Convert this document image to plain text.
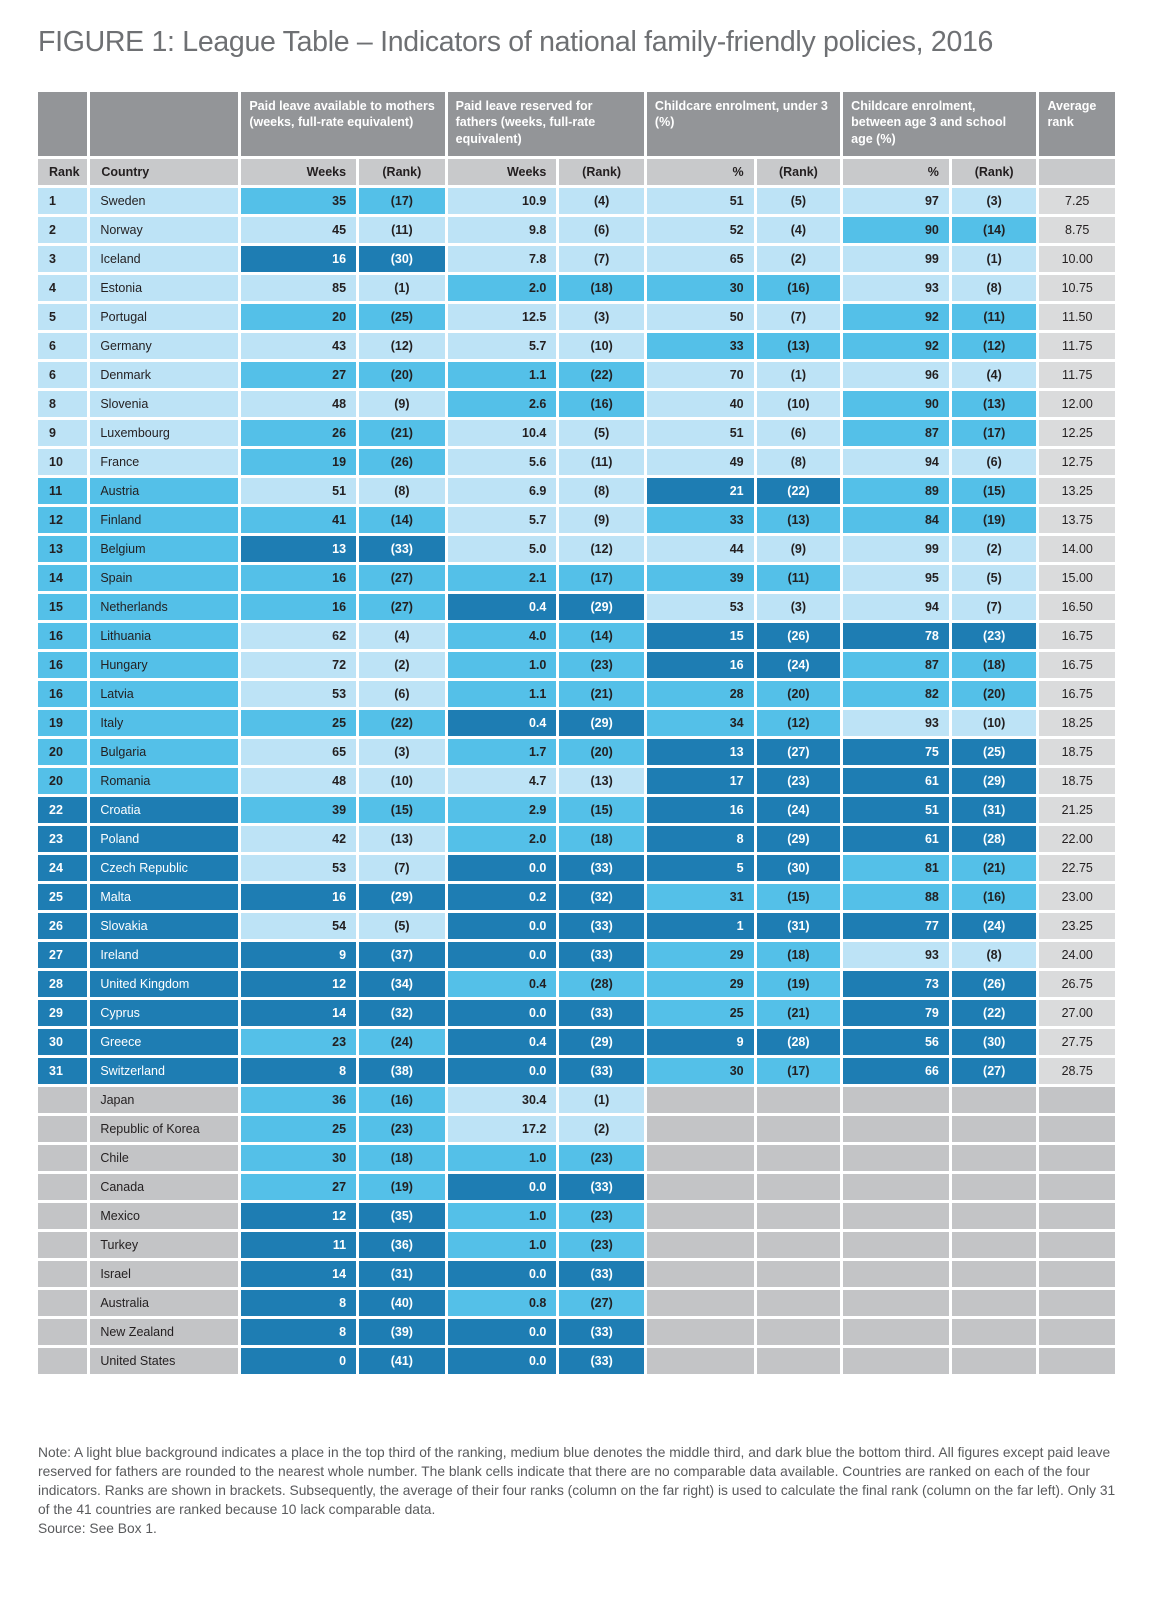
FIGURE 1: League Table – Indicators of national family-friendly policies, 2016
		Paid leave available to mothers (weeks, full-rate equivalent)		Paid leave reserved for fathers (weeks, full-rate equivalent)		Childcare enrolment, under 3 (%)		Childcare enrolment, between age 3 and school age (%)		Average rank
Rank	Country	Weeks	(Rank)	Weeks	(Rank)	%	(Rank)	%	(Rank)	
1	Sweden	35	(17)	10.9	(4)	51	(5)	97	(3)	7.25
2	Norway	45	(11)	9.8	(6)	52	(4)	90	(14)	8.75
3	Iceland	16	(30)	7.8	(7)	65	(2)	99	(1)	10.00
4	Estonia	85	(1)	2.0	(18)	30	(16)	93	(8)	10.75
5	Portugal	20	(25)	12.5	(3)	50	(7)	92	(11)	11.50
6	Germany	43	(12)	5.7	(10)	33	(13)	92	(12)	11.75
6	Denmark	27	(20)	1.1	(22)	70	(1)	96	(4)	11.75
8	Slovenia	48	(9)	2.6	(16)	40	(10)	90	(13)	12.00
9	Luxembourg	26	(21)	10.4	(5)	51	(6)	87	(17)	12.25
10	France	19	(26)	5.6	(11)	49	(8)	94	(6)	12.75
11	Austria	51	(8)	6.9	(8)	21	(22)	89	(15)	13.25
12	Finland	41	(14)	5.7	(9)	33	(13)	84	(19)	13.75
13	Belgium	13	(33)	5.0	(12)	44	(9)	99	(2)	14.00
14	Spain	16	(27)	2.1	(17)	39	(11)	95	(5)	15.00
15	Netherlands	16	(27)	0.4	(29)	53	(3)	94	(7)	16.50
16	Lithuania	62	(4)	4.0	(14)	15	(26)	78	(23)	16.75
16	Hungary	72	(2)	1.0	(23)	16	(24)	87	(18)	16.75
16	Latvia	53	(6)	1.1	(21)	28	(20)	82	(20)	16.75
19	Italy	25	(22)	0.4	(29)	34	(12)	93	(10)	18.25
20	Bulgaria	65	(3)	1.7	(20)	13	(27)	75	(25)	18.75
20	Romania	48	(10)	4.7	(13)	17	(23)	61	(29)	18.75
22	Croatia	39	(15)	2.9	(15)	16	(24)	51	(31)	21.25
23	Poland	42	(13)	2.0	(18)	8	(29)	61	(28)	22.00
24	Czech Republic	53	(7)	0.0	(33)	5	(30)	81	(21)	22.75
25	Malta	16	(29)	0.2	(32)	31	(15)	88	(16)	23.00
26	Slovakia	54	(5)	0.0	(33)	1	(31)	77	(24)	23.25
27	Ireland	9	(37)	0.0	(33)	29	(18)	93	(8)	24.00
28	United Kingdom	12	(34)	0.4	(28)	29	(19)	73	(26)	26.75
29	Cyprus	14	(32)	0.0	(33)	25	(21)	79	(22)	27.00
30	Greece	23	(24)	0.4	(29)	9	(28)	56	(30)	27.75
31	Switzerland	8	(38)	0.0	(33)	30	(17)	66	(27)	28.75
	Japan	36	(16)	30.4	(1)					
	Republic of Korea	25	(23)	17.2	(2)					
	Chile	30	(18)	1.0	(23)					
	Canada	27	(19)	0.0	(33)					
	Mexico	12	(35)	1.0	(23)					
	Turkey	11	(36)	1.0	(23)					
	Israel	14	(31)	0.0	(33)					
	Australia	8	(40)	0.8	(27)					
	New Zealand	8	(39)	0.0	(33)					
	United States	0	(41)	0.0	(33)					
Note: A light blue background indicates a place in the top third of the ranking, medium blue denotes the middle third, and dark blue the bottom third. All figures except paid leave reserved for fathers are rounded to the nearest whole number. The blank cells indicate that there are no comparable data available. Countries are ranked on each of the four indicators. Ranks are shown in brackets. Subsequently, the average of their four ranks (column on the far right) is used to calculate the final rank (column on the far left). Only 31 of the 41 countries are ranked because 10 lack comparable data.
Source: See Box 1.
